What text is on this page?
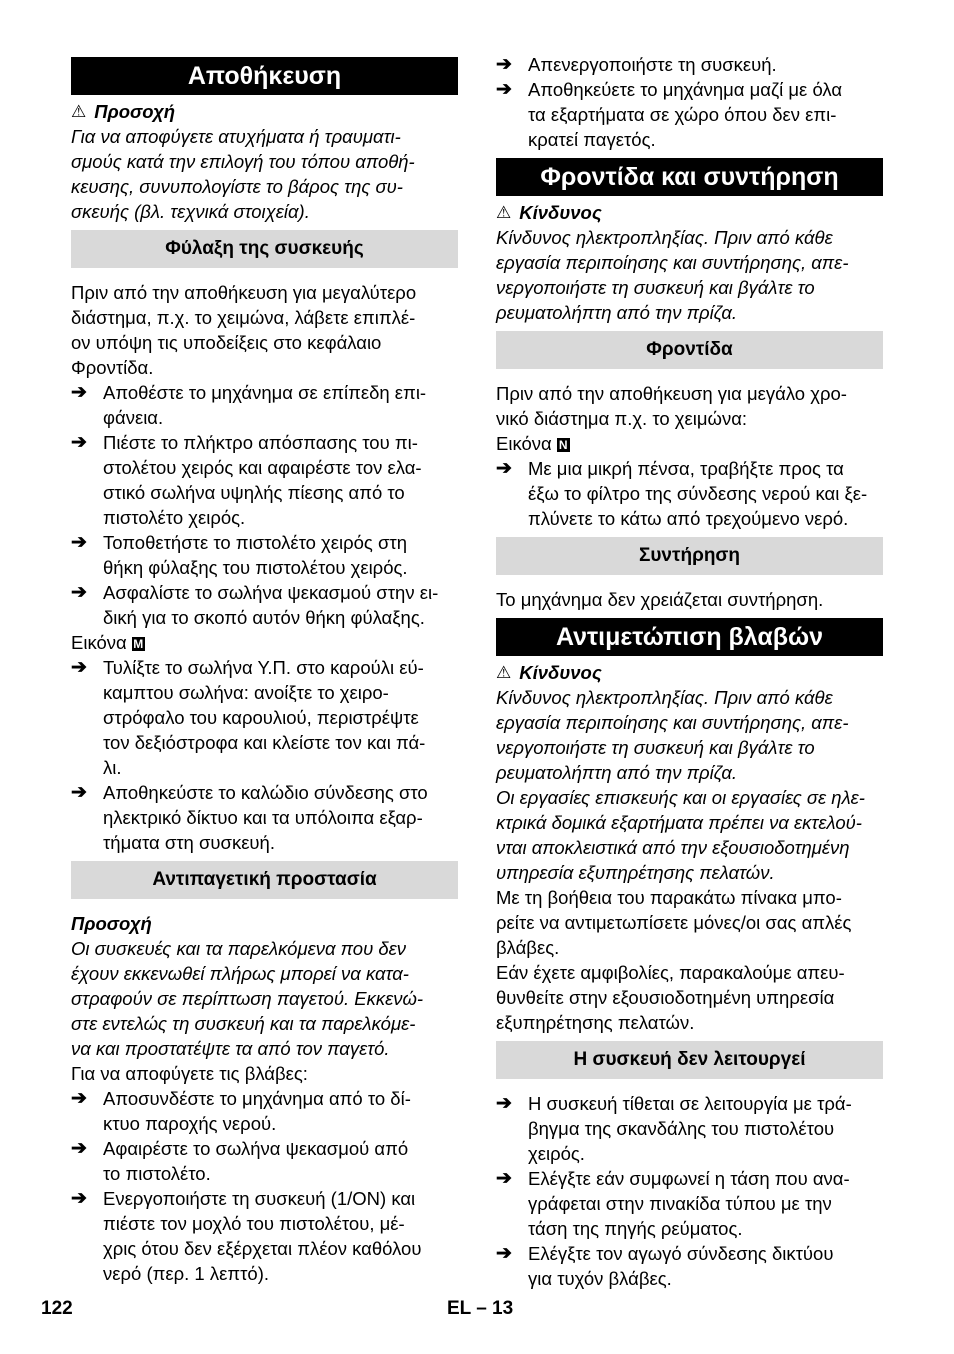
Αποθήκευση
⚠ Προσοχή
Για να αποφύγετε ατυχήματα ή τραυματι-
σμούς κατά την επιλογή του τόπου αποθή-
κευσης, συνυπολογίστε το βάρος της συ-
σκευής (βλ. τεχνικά στοιχεία).
Φύλαξη της συσκευής
Πριν από την αποθήκευση για μεγαλύτερο
διάστημα, π.χ. το χειμώνα, λάβετε επιπλέ-
ον υπόψη τις υποδείξεις στο κεφάλαιο
Φροντίδα.
➔ Αποθέστε το μηχάνημα σε επίπεδη επι-
φάνεια.
➔ Πιέστε το πλήκτρο απόσπασης του πι-
στολέτου χειρός και αφαιρέστε τον ελα-
στικό σωλήνα υψηλής πίεσης από το
πιστολέτο χειρός.
➔ Τοποθετήστε το πιστολέτο χειρός στη
θήκη φύλαξης του πιστολέτου χειρός.
➔ Ασφαλίστε το σωλήνα ψεκασμού στην ει-
δική για το σκοπό αυτόν θήκη φύλαξης.
Εικόνα M
➔ Τυλίξτε το σωλήνα Υ.Π. στο καρούλι εύ-
καμπτου σωλήνα: ανοίξτε το χειρο-
στρόφαλο του καρουλιού, περιστρέψτε
τον δεξιόστροφα και κλείστε τον και πά-
λι.
➔ Αποθηκεύστε το καλώδιο σύνδεσης στο
ηλεκτρικό δίκτυο και τα υπόλοιπα εξαρ-
τήματα στη συσκευή.
Αντιπαγετική προστασία
Προσοχή
Οι συσκευές και τα παρελκόμενα που δεν
έχουν εκκενωθεί πλήρως μπορεί να κατα-
στραφούν σε περίπτωση παγετού. Εκκενώ-
στε εντελώς τη συσκευή και τα παρελκόμε-
να και προστατέψτε τα από τον παγετό.
Για να αποφύγετε τις βλάβες:
➔ Αποσυνδέστε το μηχάνημα από το δί-
κτυο παροχής νερού.
➔ Αφαιρέστε το σωλήνα ψεκασμού από
το πιστολέτο.
➔ Ενεργοποιήστε τη συσκευή (1/ON) και
πιέστε τον μοχλό του πιστολέτου, μέ-
χρις ότου δεν εξέρχεται πλέον καθόλου
νερό (περ. 1 λεπτό).
➔ Απενεργοποιήστε τη συσκευή.
➔ Αποθηκεύετε το μηχάνημα μαζί με όλα
τα εξαρτήματα σε χώρο όπου δεν επι-
κρατεί παγετός.
Φροντίδα και συντήρηση
⚠ Κίνδυνος
Κίνδυνος ηλεκτροπληξίας. Πριν από κάθε
εργασία περιποίησης και συντήρησης, απε-
νεργοποιήστε τη συσκευή και βγάλτε το
ρευματολήπτη από την πρίζα.
Φροντίδα
Πριν από την αποθήκευση για μεγάλο χρο-
νικό διάστημα π.χ. το χειμώνα:
Εικόνα N
➔ Με μια μικρή πένσα, τραβήξτε προς τα
έξω το φίλτρο της σύνδεσης νερού και ξε-
πλύνετε το κάτω από τρεχούμενο νερό.
Συντήρηση
Το μηχάνημα δεν χρειάζεται συντήρηση.
Αντιμετώπιση βλαβών
⚠ Κίνδυνος
Κίνδυνος ηλεκτροπληξίας. Πριν από κάθε
εργασία περιποίησης και συντήρησης, απε-
νεργοποιήστε τη συσκευή και βγάλτε το
ρευματολήπτη από την πρίζα.
Οι εργασίες επισκευής και οι εργασίες σε ηλε-
κτρικά δομικά εξαρτήματα πρέπει να εκτελού-
νται αποκλειστικά από την εξουσιοδοτημένη
υπηρεσία εξυπηρέτησης πελατών.
Με τη βοήθεια του παρακάτω πίνακα μπο-
ρείτε να αντιμετωπίσετε μόνες/οι σας απλές
βλάβες.
Εάν έχετε αμφιβολίες, παρακαλούμε απευ-
θυνθείτε στην εξουσιοδοτημένη υπηρεσία
εξυπηρέτησης πελατών.
Η συσκευή δεν λειτουργεί
➔ Η συσκευή τίθεται σε λειτουργία με τρά-
βηγμα της σκανδάλης του πιστολέτου
χειρός.
➔ Ελέγξτε εάν συμφωνεί η τάση που ανα-
γράφεται στην πινακίδα τύπου με την
τάση της πηγής ρεύματος.
➔ Ελέγξτε τον αγωγό σύνδεσης δικτύου
για τυχόν βλάβες.
122	EL – 13
